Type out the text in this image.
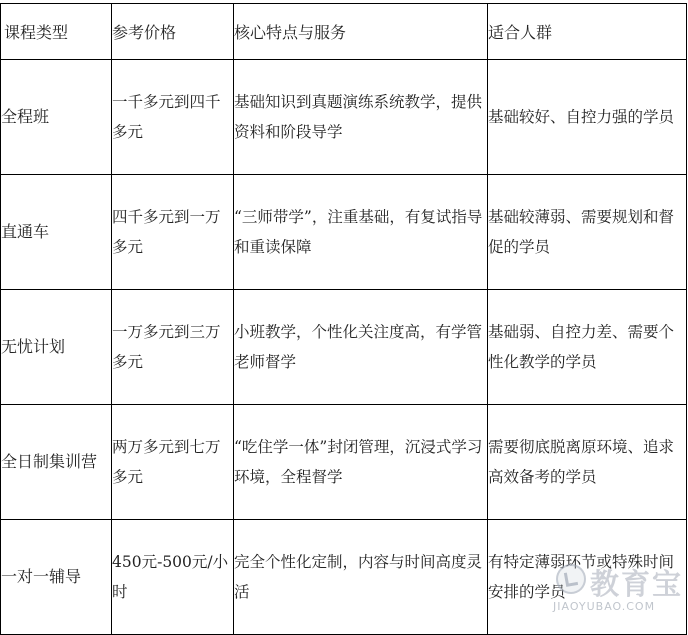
课程类型	参考价格	核心特点与服务	适合人群

全程班	一千多元到四千多元	基础知识到真题演练系统教学，提供资料和阶段导学	基础较好、自控力强的学员

直通车	四千多元到一万多元	“三师带学”，注重基础，有复试指导和重读保障	基础较薄弱、需要规划和督促的学员

无忧计划	一万多元到三万多元	小班教学，个性化关注度高，有学管老师督学	基础弱、自控力差、需要个性化教学的学员

全日制集训营	两万多元到七万多元	“吃住学一体”封闭管理，沉浸式学习环境，全程督学	需要彻底脱离原环境、追求高效备考的学员

一对一辅导	450元-500元/小时	完全个性化定制，内容与时间高度灵活	有特定薄弱环节或特殊时间安排的学员 教育宝
JIAOYUBAO.COM
